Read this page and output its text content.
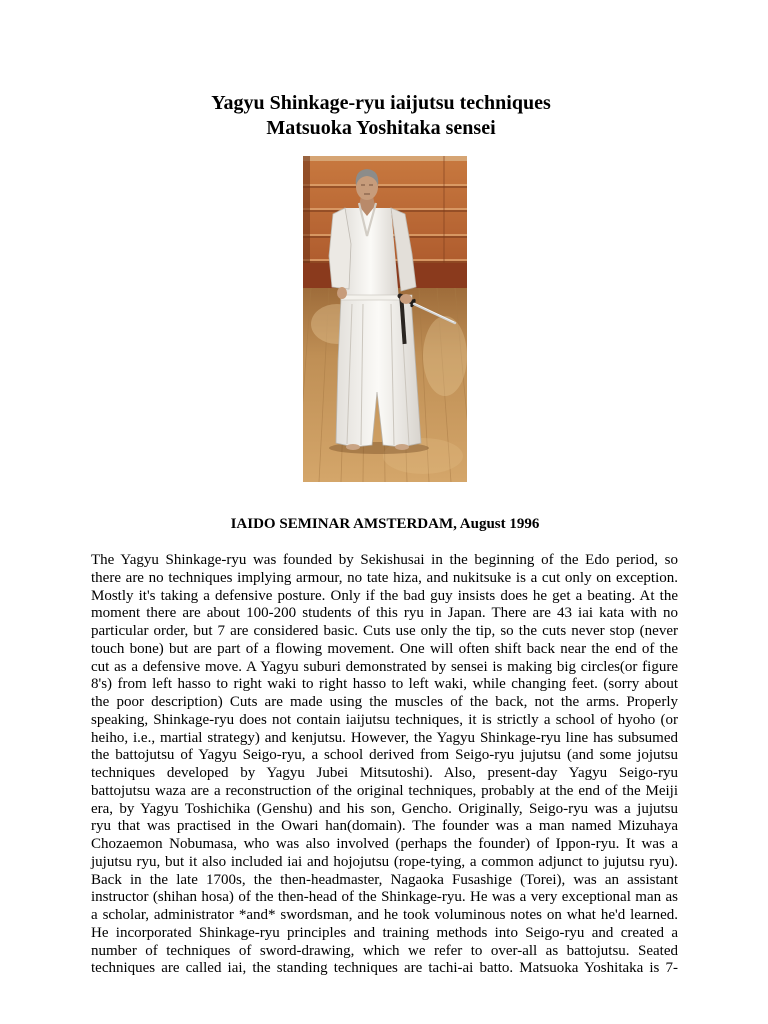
Yagyu Shinkage-ryu iaijutsu techniques
Matsuoka Yoshitaka sensei
IAIDO SEMINAR AMSTERDAM, August 1996
The Yagyu Shinkage-ryu was founded by Sekishusai in the beginning of the Edo period, so
there are no techniques implying armour, no tate hiza, and nukitsuke is a cut only on exception.
Mostly it's taking a defensive posture. Only if the bad guy insists does he get a beating. At the
moment there are about 100-200 students of this ryu in Japan. There are 43 iai kata with no
particular order, but 7 are considered basic. Cuts use only the tip, so the cuts never stop (never
touch bone) but are part of a flowing movement. One will often shift back near the end of the
cut as a defensive move. A Yagyu suburi demonstrated by sensei is making big circles(or figure
8's) from left hasso to right waki to right hasso to left waki, while changing feet. (sorry about
the poor description) Cuts are made using the muscles of the back, not the arms. Properly
speaking, Shinkage-ryu does not contain iaijutsu techniques, it is strictly a school of hyoho (or
heiho, i.e., martial strategy) and kenjutsu. However, the Yagyu Shinkage-ryu line has subsumed
the battojutsu of Yagyu Seigo-ryu, a school derived from Seigo-ryu jujutsu (and some jojutsu
techniques developed by Yagyu Jubei Mitsutoshi). Also, present-day Yagyu Seigo-ryu
battojutsu waza are a reconstruction of the original techniques, probably at the end of the Meiji
era, by Yagyu Toshichika (Genshu) and his son, Gencho. Originally, Seigo-ryu was a jujutsu
ryu that was practised in the Owari han(domain). The founder was a man named Mizuhaya
Chozaemon Nobumasa, who was also involved (perhaps the founder) of Ippon-ryu. It was a
jujutsu ryu, but it also included iai and hojojutsu (rope-tying, a common adjunct to jujutsu ryu).
Back in the late 1700s, the then-headmaster, Nagaoka Fusashige (Torei), was an assistant
instructor (shihan hosa) of the then-head of the Shinkage-ryu. He was a very exceptional man as
a scholar, administrator *and* swordsman, and he took voluminous notes on what he'd learned.
He incorporated Shinkage-ryu principles and training methods into Seigo-ryu and created a
number of techniques of sword-drawing, which we refer to over-all as battojutsu. Seated
techniques are called iai, the standing techniques are tachi-ai batto. Matsuoka Yoshitaka is 7-
